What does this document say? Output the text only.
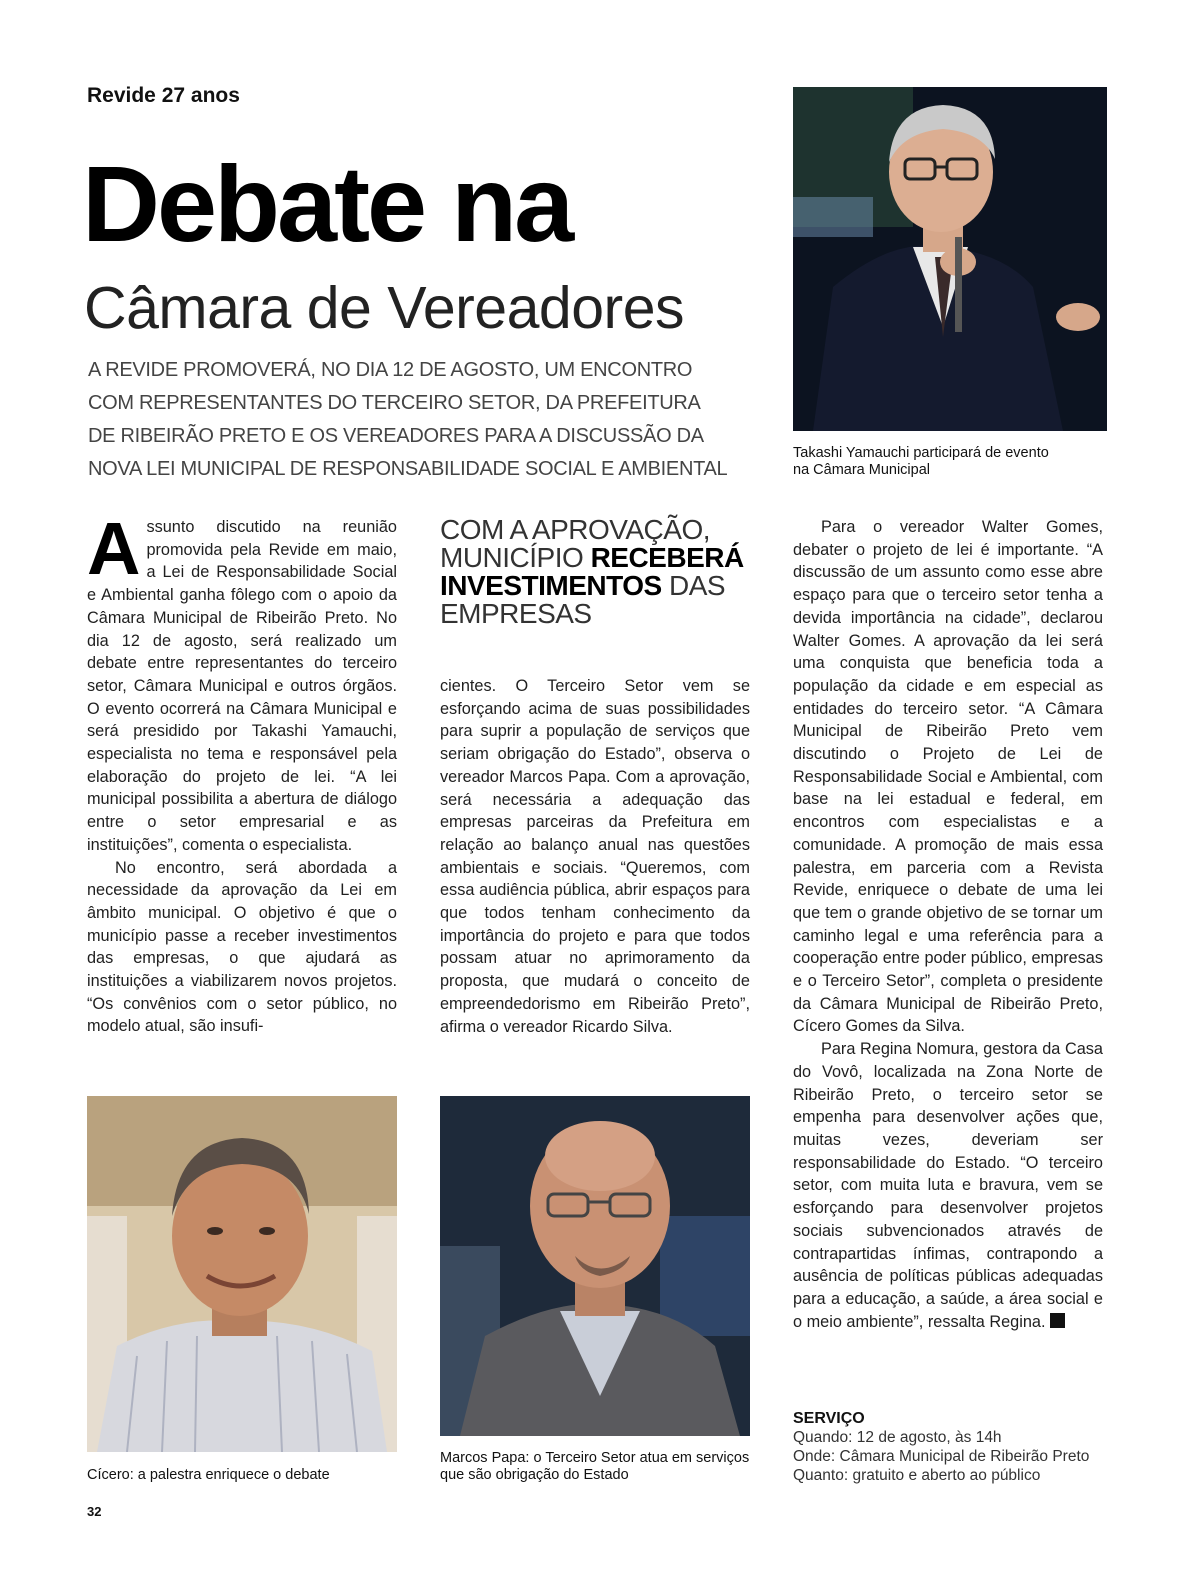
Revide 27 anos
Debate na
Câmara de Vereadores
A REVIDE PROMOVERÁ, NO DIA 12 DE AGOSTO, UM ENCONTRO COM REPRESENTANTES DO TERCEIRO SETOR, DA PREFEITURA DE RIBEIRÃO PRETO E OS VEREADORES PARA A DISCUSSÃO DA NOVA LEI MUNICIPAL DE RESPONSABILIDADE SOCIAL E AMBIENTAL
Takashi Yamauchi participará de evento na Câmara Municipal

Assunto discutido na reunião promovida pela Revide em maio, a Lei de Responsabilidade Social e Ambiental ganha fôlego com o apoio da Câmara Municipal de Ribeirão Preto. No dia 12 de agosto, será realizado um debate entre representantes do terceiro setor, Câmara Municipal e outros órgãos. O evento ocorrerá na Câmara Municipal e será presidido por Takashi Yamauchi, especialista no tema e responsável pela elaboração do projeto de lei. “A lei municipal possibilita a abertura de diálogo entre o setor empresarial e as instituições”, comenta o especialista.

No encontro, será abordada a necessidade da aprovação da Lei em âmbito municipal. O objetivo é que o município passe a receber investimentos das empresas, o que ajudará as instituições a viabilizarem novos projetos. “Os convênios com o setor público, no modelo atual, são insufi-

COM A APROVAÇÃO, MUNICÍPIO RECEBERÁ INVESTIMENTOS DAS EMPRESAS

cientes. O Terceiro Setor vem se esforçando acima de suas possibilidades para suprir a população de serviços que seriam obrigação do Estado”, observa o vereador Marcos Papa. Com a aprovação, será necessária a adequação das empresas parceiras da Prefeitura em relação ao balanço anual nas questões ambientais e sociais. “Queremos, com essa audiência pública, abrir espaços para que todos tenham conhecimento da importância do projeto e para que todos possam atuar no aprimoramento da proposta, que mudará o conceito de empreendedorismo em Ribeirão Preto”, afirma o vereador Ricardo Silva.

Para o vereador Walter Gomes, debater o projeto de lei é importante. “A discussão de um assunto como esse abre espaço para que o terceiro setor tenha a devida importância na cidade”, declarou Walter Gomes. A aprovação da lei será uma conquista que beneficia toda a população da cidade e em especial as entidades do terceiro setor. “A Câmara Municipal de Ribeirão Preto vem discutindo o Projeto de Lei de Responsabilidade Social e Ambiental, com base na lei estadual e federal, em encontros com especialistas e a comunidade. A promoção de mais essa palestra, em parceria com a Revista Revide, enriquece o debate de uma lei que tem o grande objetivo de se tornar um caminho legal e uma referência para a cooperação entre poder público, empresas e o Terceiro Setor”, completa o presidente da Câmara Municipal de Ribeirão Preto, Cícero Gomes da Silva.

Para Regina Nomura, gestora da Casa do Vovô, localizada na Zona Norte de Ribeirão Preto, o terceiro setor se empenha para desenvolver ações que, muitas vezes, deveriam ser responsabilidade do Estado. “O terceiro setor, com muita luta e bravura, vem se esforçando para desenvolver projetos sociais subvencionados através de contrapartidas ínfimas, contrapondo a ausência de políticas públicas adequadas para a educação, a saúde, a área social e o meio ambiente”, ressalta Regina.

Cícero: a palestra enriquece o debate
Marcos Papa: o Terceiro Setor atua em serviços que são obrigação do Estado
SERVIÇO
Quando: 12 de agosto, às 14h
Onde: Câmara Municipal de Ribeirão Preto
Quanto: gratuito e aberto ao público
32
